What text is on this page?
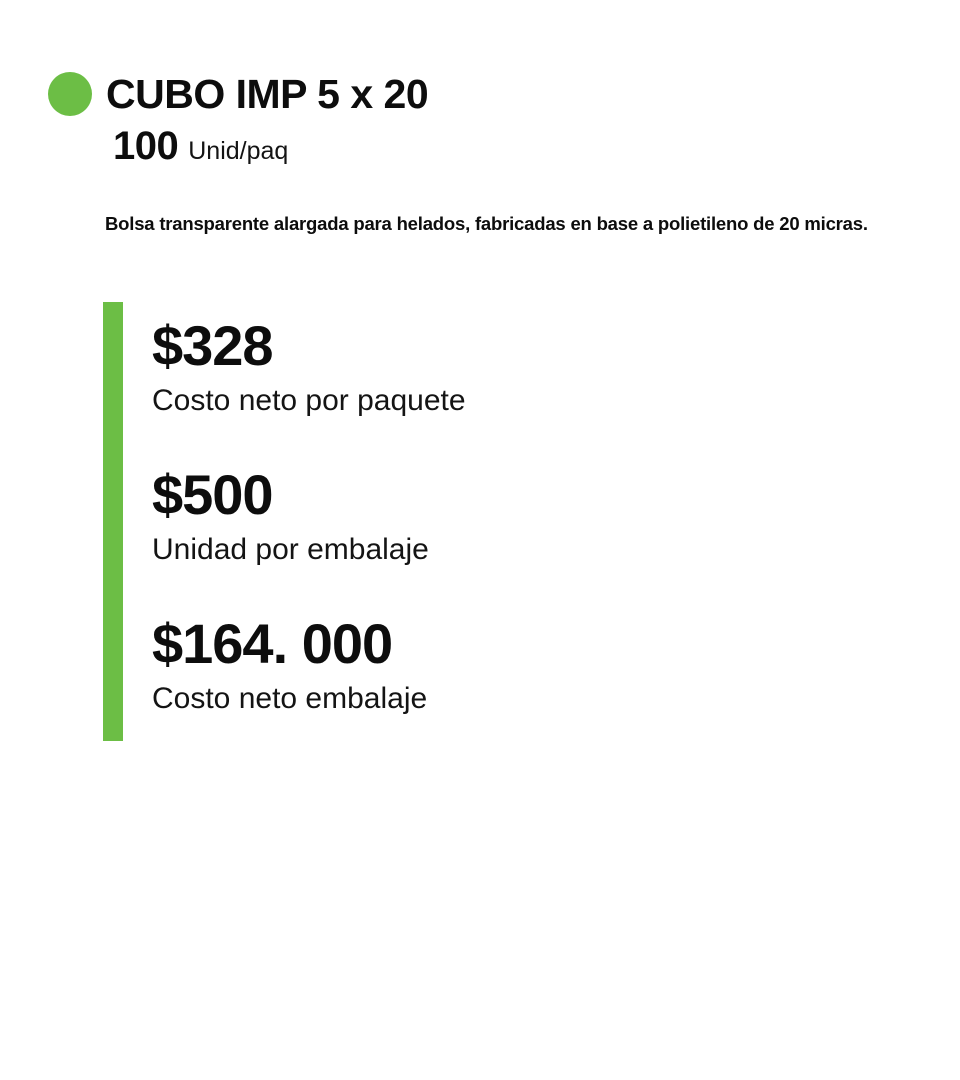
CUBO IMP 5 x 20
100 Unid/paq

Bolsa transparente alargada para helados, fabricadas en base a polietileno de 20 micras.

$328
Costo neto por paquete
$500
Unidad por embalaje
$164. 000
Costo neto embalaje
